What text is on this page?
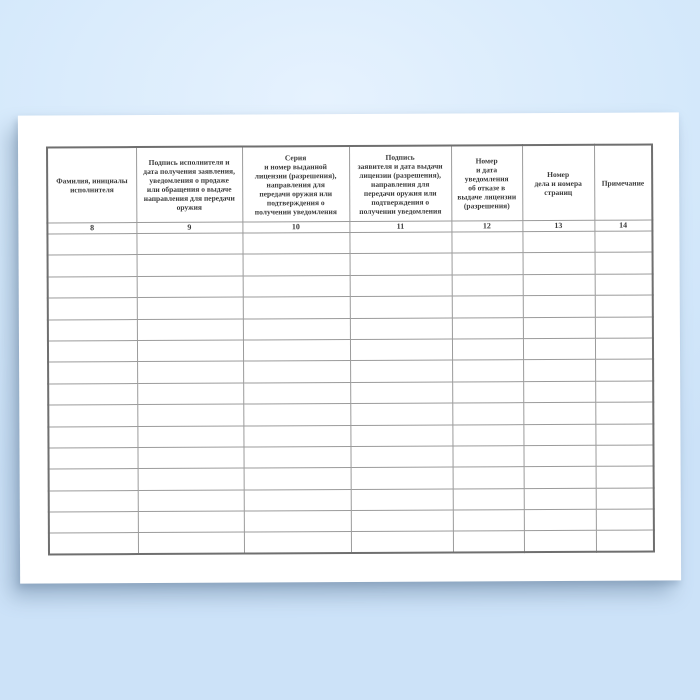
Фамилия, инициалы
исполнителя	Подпись исполнителя и
дата получения заявления,
уведомления о продаже
или обращения о выдаче
направления для передачи
оружия	Серия
и номер выданной
лицензии (разрешения),
направления для
передачи оружия или
подтверждения о
получении уведомления	Подпись
заявителя и дата выдачи
лицензии (разрешения),
направления для
передачи оружия или
подтверждения о
получении уведомления	Номер
и дата
уведомления
об отказе в
выдаче лицензии
(разрешения)	Номер
дела и номера
страниц	Примечание
8	9	10	11	12	13	14
